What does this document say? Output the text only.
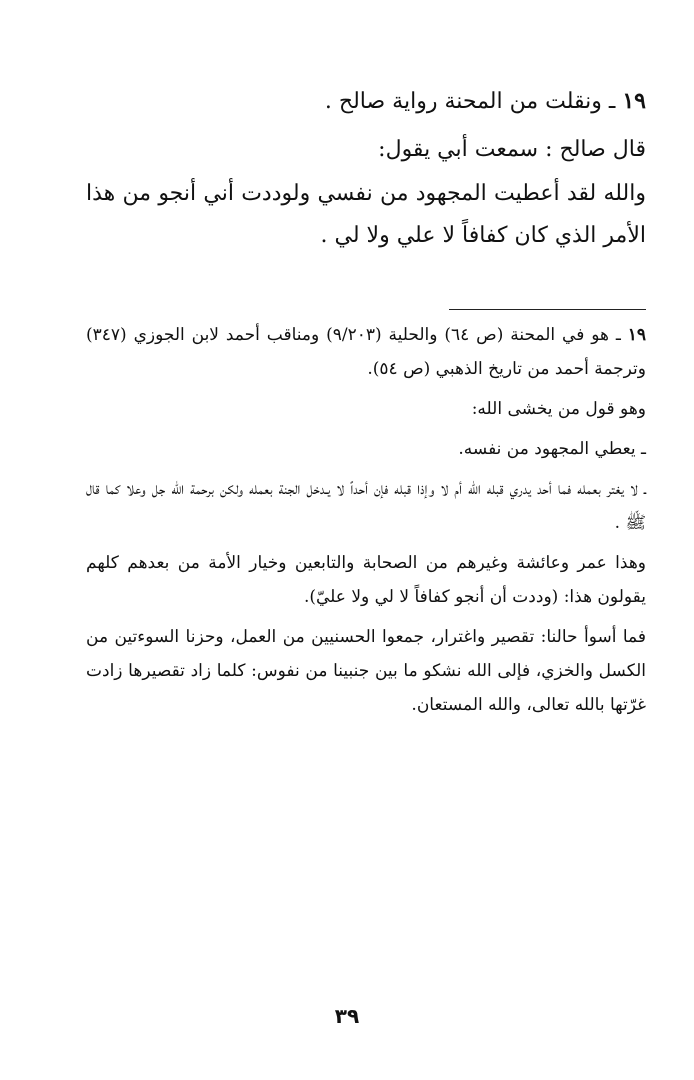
١٩ ـ ونقلت من المحنة رواية صالح .

قال صالح : سمعت أبي يقول:

والله لقد أعطيت المجهود من نفسي ولوددت أني أنجو من هذا الأمر الذي كان كفافاً لا علي ولا لي .

١٩ ـ هو في المحنة (ص ٦٤) والحلية (٩/٢٠٣) ومناقب أحمد لابن الجوزي (٣٤٧) وترجمة أحمد من تاريخ الذهبي (ص ٥٤).

وهو قول من يخشى الله:

ـ يعطي المجهود من نفسه.

ـ لا يغتر بعمله فما أحد يدري قبله الله أم لا وإذا قبله فإن أحداً لا يـدخل الجنة بعمله ولكن برحمة الله جل وعلا كما قال ﷺ .

وهذا عمر وعائشة وغيرهم من الصحابة والتابعين وخيار الأمة من بعدهم كلهم يقولون هذا: (وددت أن أنجو كفافاً لا لي ولا عليّ).

فما أسوأ حالنا: تقصير واغترار، جمعوا الحسنيين من العمل، وحزنا السوءتين من الكسل والخزي، فإلى الله نشكو ما بين جنبينا من نفوس: كلما زاد تقصيرها زادت غرّتها بالله تعالى، والله المستعان.

٣٩
